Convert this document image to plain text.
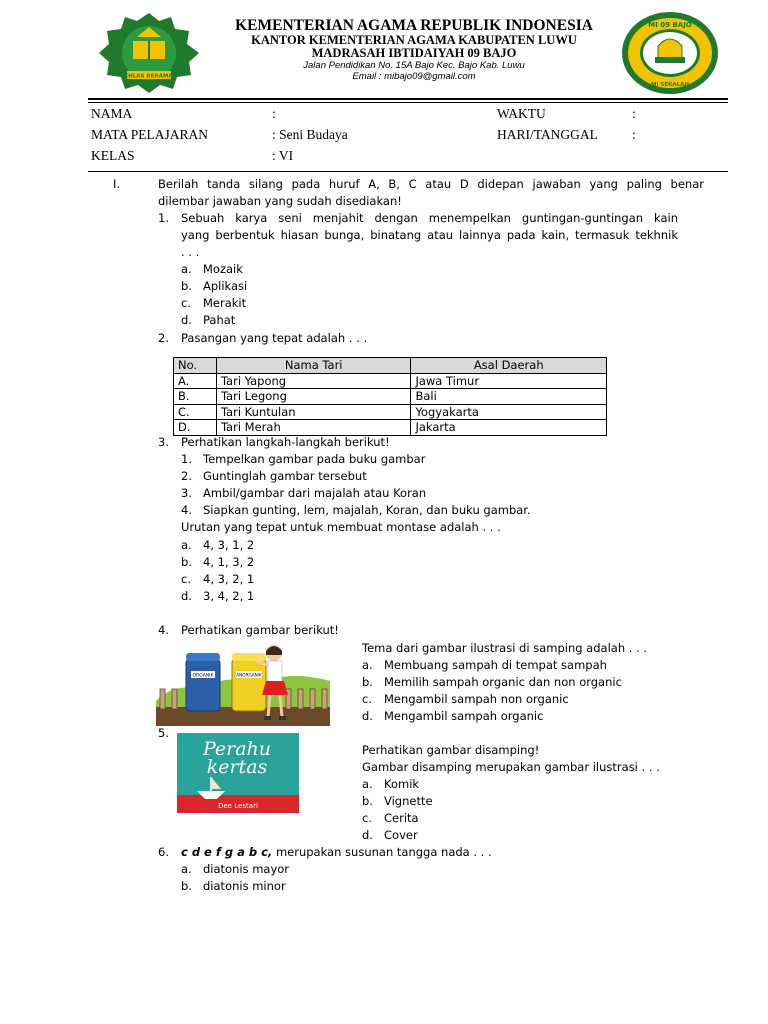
IKHLAS BERAMAL
KEMENTERIAN AGAMA REPUBLIK INDONESIA
KANTOR KEMENTERIAN AGAMA KABUPATEN LUWU
MADRASAH IBTIDAIYAH 09 BAJO
Jalan Pendidikan No. 15A Bajo Kec. Bajo Kab. Luwu
Email : mibajo09@gmail.com
MI 09 BAJO
MI SEKALAH
NAMA	:	WAKTU	:
MATA PELAJARAN	: Seni Budaya	HARI/TANGGAL	:
KELAS	: VI
I.	Berilah tanda silang pada huruf A, B, C atau D didepan jawaban yang paling benar
dilembar jawaban yang sudah disediakan!
1. Sebuah karya seni menjahit dengan menempelkan guntingan-guntingan kain
yang berbentuk hiasan bunga, binatang atau lainnya pada kain, termasuk tekhnik
. . .
a. Mozaik
b. Aplikasi
c. Merakit
d. Pahat
2. Pasangan yang tepat adalah . . .
No.	Nama Tari	Asal Daerah
A.	Tari Yapong	Jawa Timur
B.	Tari Legong	Bali
C.	Tari Kuntulan	Yogyakarta
D.	Tari Merah	Jakarta
3. Perhatikan langkah-langkah berikut!
1. Tempelkan gambar pada buku gambar
2. Guntinglah gambar tersebut
3. Ambil/gambar dari majalah atau Koran
4. Siapkan gunting, lem, majalah, Koran, dan buku gambar.
Urutan yang tepat untuk membuat montase adalah . . .
a. 4, 3, 1, 2
b. 4, 1, 3, 2
c. 4, 3, 2, 1
d. 3, 4, 2, 1
4. Perhatikan gambar berikut!
ORGANIK	ANORGANIK
Tema dari gambar ilustrasi di samping adalah . . .
a. Membuang sampah di tempat sampah
b. Memilih sampah organic dan non organic
c. Mengambil sampah non organic
d. Mengambil sampah organic
5.
Perahu
kertas
Dee Lestari
Perhatikan gambar disamping!
Gambar disamping merupakan gambar ilustrasi . . .
a. Komik
b. Vignette
c. Cerita
d. Cover
6. c d e f g a b c, merupakan susunan tangga nada . . .
a. diatonis mayor
b. diatonis minor
